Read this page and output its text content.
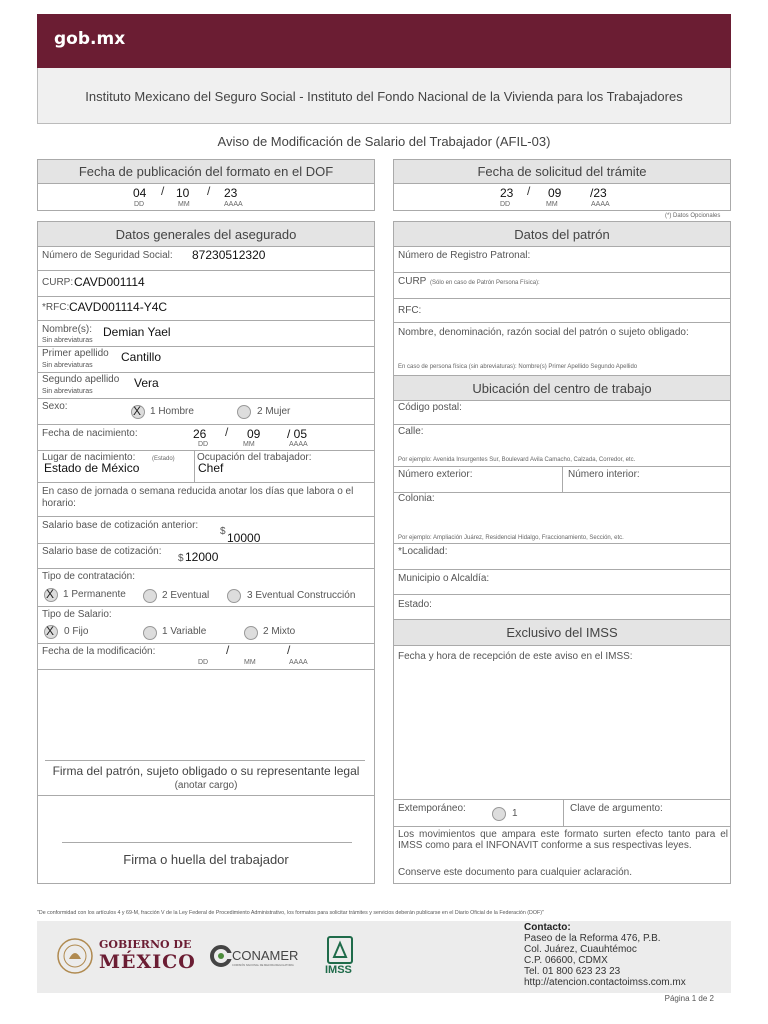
gob.mx
Instituto Mexicano del Seguro Social - Instituto del Fondo Nacional de la Vivienda para los Trabajadores
Aviso de Modificación de Salario del Trabajador (AFIL-03)
Fecha de publicación del formato en el DOF
04 / 10 / 23
DD	MM	AAAA
Fecha de solicitud del trámite
23 / 09 /23
DD	MM	AAAA
(*) Datos Opcionales
Datos generales del asegurado
Número de Seguridad Social: 87230512320
CURP: CAVD001114
*RFC: CAVD001114-Y4C
Nombre(s): Demian Yael
Sin abreviaturas
Primer apellido Cantillo
Sin abreviaturas
Segundo apellido Vera
Sin abreviaturas
Sexo:	X 1 Hombre	2 Mujer
Fecha de nacimiento:	26 / 09 / 05
DD	MM	AAAA
Lugar de nacimiento:	(Estado)
Estado de México
Ocupación del trabajador:
Chef
En caso de jornada o semana reducida anotar los días que labora o el horario:
Salario base de cotización anterior:
$ 10000
Salario base de cotización:
$ 12000
Tipo de contratación:
X 1 Permanente	2 Eventual	3 Eventual Construcción
Tipo de Salario:
X 0 Fijo	1 Variable	2 Mixto
Fecha de la modificación:	/	/
DD	MM	AAAA
Firma del patrón, sujeto obligado o su representante legal
(anotar cargo)
Firma o huella del trabajador
Datos del patrón
Número de Registro Patronal:
CURP (Sólo en caso de Patrón Persona Física):
RFC:
Nombre, denominación, razón social del patrón o sujeto obligado:
En caso de persona física (sin abreviaturas): Nombre(s) Primer Apellido Segundo Apellido
Ubicación del centro de trabajo
Código postal:
Calle:
Por ejemplo: Avenida Insurgentes Sur, Boulevard Avila Camacho, Calzada, Corredor, etc.
Número exterior:	Número interior:
Colonia:
Por ejemplo: Ampliación Juárez, Residencial Hidalgo, Fraccionamiento, Sección, etc.
*Localidad:
Municipio o Alcaldía:
Estado:
Exclusivo del IMSS
Fecha y hora de recepción de este aviso en el IMSS:
Extemporáneo:	1	Clave de argumento:
Los movimientos que ampara este formato surten efecto tanto para el IMSS como para el INFONAVIT conforme a sus respectivas leyes.
Conserve este documento para cualquier aclaración.
"De conformidad con los artículos 4 y 69-M, fracción V de la Ley Federal de Procedimiento Administrativo, los formatos para solicitar trámites y servicios deberán publicarse en el Diario Oficial de la Federación (DOF)"
GOBIERNO DE
MÉXICO	CONAMER
COMISIÓN NACIONAL DE MEJORA REGULATORIA	IMSS
Contacto:
Paseo de la Reforma 476, P.B.
Col. Juárez, Cuauhtémoc
C.P. 06600, CDMX
Tel. 01 800 623 23 23
http://atencion.contactoimss.com.mx
Página 1 de 2
